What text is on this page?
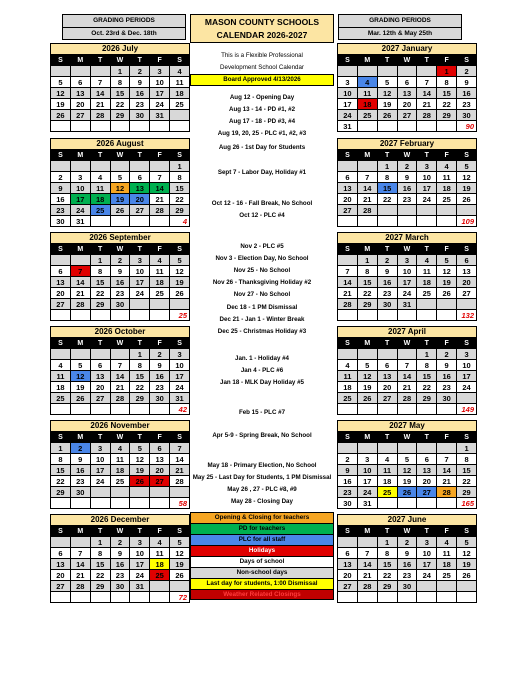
GRADING PERIODS
Oct. 23rd & Dec. 18th
MASON COUNTY SCHOOLS
CALENDAR 2026-2027
GRADING PERIODS
Mar. 12th & May 25th
2026 July
S	M	T	W	T	F	S
			1	2	3	4
5	6	7	8	9	10	11
12	13	14	15	16	17	18
19	20	21	22	23	24	25
26	27	28	29	30	31	

2027 January
S	M	T	W	T	F	S
					1	2
3	4	5	6	7	8	9
10	11	12	13	14	15	16
17	18	19	20	21	22	23
24	25	26	27	28	29	30
31						90
2026 August
S	M	T	W	T	F	S
						1
2	3	4	5	6	7	8
9	10	11	12	13	14	15
16	17	18	19	20	21	22
23	24	25	26	27	28	29
30	31					4
2027 February
S	M	T	W	T	F	S
		1	2	3	4	5
6	7	8	9	10	11	12
13	14	15	16	17	18	19
20	21	22	23	24	25	26
27	28					
						109
2026 September
S	M	T	W	T	F	S
		1	2	3	4	5
6	7	8	9	10	11	12
13	14	15	16	17	18	19
20	21	22	23	24	25	26
27	28	29	30			
						25
2027 March
S	M	T	W	T	F	S
	1	2	3	4	5	6
7	8	9	10	11	12	13
14	15	16	17	18	19	20
21	22	23	24	25	26	27
28	29	30	31			
						132
2026 October
S	M	T	W	T	F	S
				1	2	3
4	5	6	7	8	9	10
11	12	13	14	15	16	17
18	19	20	21	22	23	24
25	26	27	28	29	30	31
						42
2027 April
S	M	T	W	T	F	S
				1	2	3
4	5	6	7	8	9	10
11	12	13	14	15	16	17
18	19	20	21	22	23	24
25	26	27	28	29	30	
						149
2026 November
S	M	T	W	T	F	S
1	2	3	4	5	6	7
8	9	10	11	12	13	14
15	16	17	18	19	20	21
22	23	24	25	26	27	28
29	30					
						58
2027 May
S	M	T	W	T	F	S
						1
2	3	4	5	6	7	8
9	10	11	12	13	14	15
16	17	18	19	20	21	22
23	24	25	26	27	28	29
30	31					165
2026 December
S	M	T	W	T	F	S
		1	2	3	4	5
6	7	8	9	10	11	12
13	14	15	16	17	18	19
20	21	22	23	24	25	26
27	28	29	30	31		
						72
2027 June
S	M	T	W	T	F	S
		1	2	3	4	5
6	7	8	9	10	11	12
13	14	15	16	17	18	19
20	21	22	23	24	25	26
27	28	29	30			

This is a Flexible Professional
Development School Calendar
Board Approved 4/13/2026
Aug 12 - Opening Day
Aug 13 - 14 - PD #1, #2
Aug 17 - 18 - PD #3, #4
Aug 19, 20, 25 - PLC #1, #2, #3
Aug 26 - 1st Day for Students
Sept 7 - Labor Day, Holiday #1
Oct 12 - 16 - Fall Break, No School
Oct 12 - PLC #4
Nov 2 - PLC #5
Nov 3 - Election Day, No School
Nov 25 - No School
Nov 26 - Thanksgiving Holiday #2
Nov 27 - No School
Dec 18 - 1 PM Dismissal
Dec 21 - Jan 1 - Winter Break
Dec 25 - Christmas Holiday #3
Jan. 1 - Holiday #4
Jan 4 - PLC #6
Jan 18 - MLK Day Holiday #5
Feb 15 - PLC #7
Apr 5-9 - Spring Break, No School
May 18 - Primary Election, No School
May 25 - Last Day for Students, 1 PM Dismissal
May 26 , 27 - PLC #8, #9
May 28 - Closing Day
Opening & Closing for teachers
PD for teachers
PLC for all staff
Holidays
Days of school
Non-school days
Last day for students, 1:00 Dismissal
Weather Related Closings
